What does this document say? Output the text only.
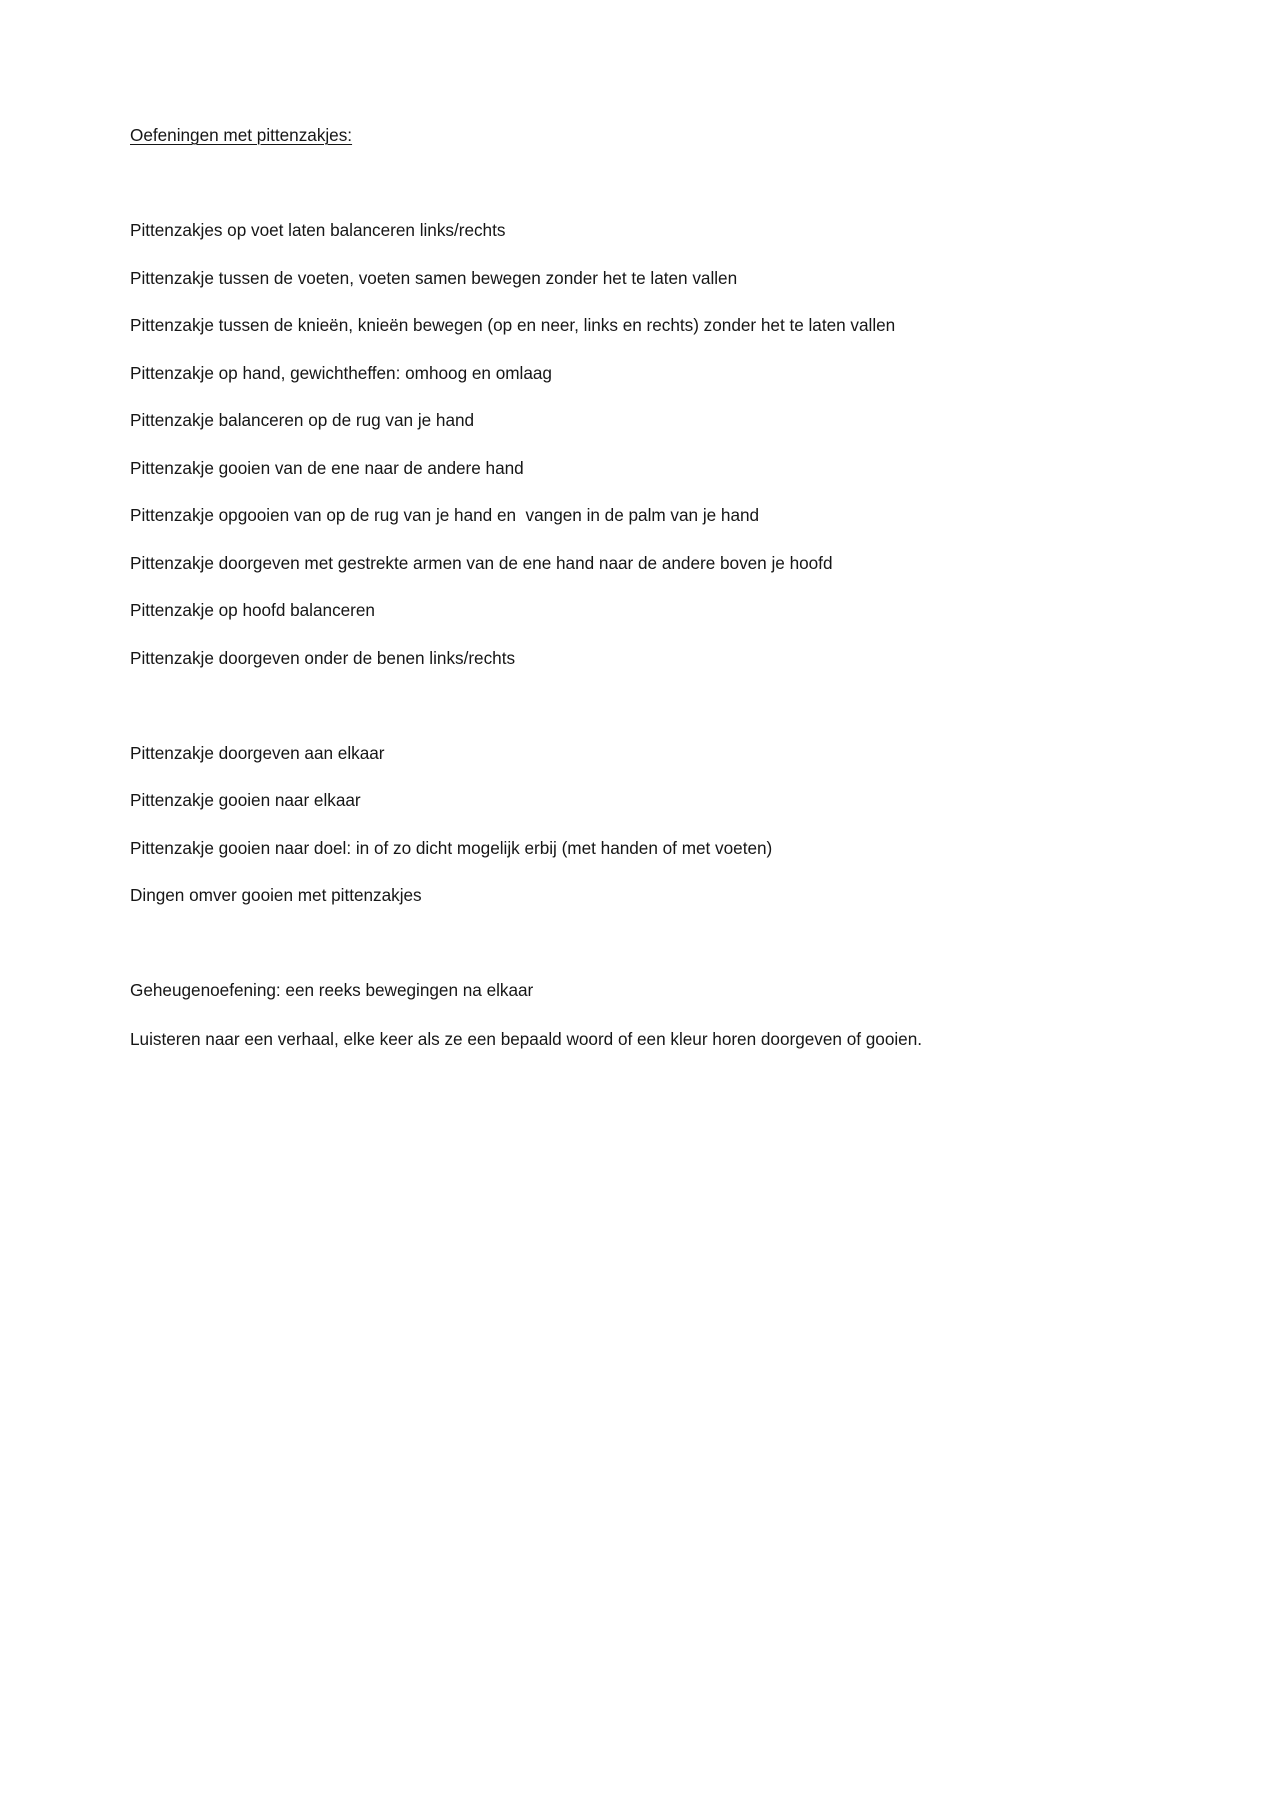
Oefeningen met pittenzakjes:

Pittenzakjes op voet laten balanceren links/rechts

Pittenzakje tussen de voeten, voeten samen bewegen zonder het te laten vallen

Pittenzakje tussen de knieën, knieën bewegen (op en neer, links en rechts) zonder het te laten vallen

Pittenzakje op hand, gewichtheffen: omhoog en omlaag

Pittenzakje balanceren op de rug van je hand

Pittenzakje gooien van de ene naar de andere hand

Pittenzakje opgooien van op de rug van je hand en  vangen in de palm van je hand

Pittenzakje doorgeven met gestrekte armen van de ene hand naar de andere boven je hoofd

Pittenzakje op hoofd balanceren

Pittenzakje doorgeven onder de benen links/rechts

Pittenzakje doorgeven aan elkaar

Pittenzakje gooien naar elkaar

Pittenzakje gooien naar doel: in of zo dicht mogelijk erbij (met handen of met voeten)

Dingen omver gooien met pittenzakjes

Geheugenoefening: een reeks bewegingen na elkaar

Luisteren naar een verhaal, elke keer als ze een bepaald woord of een kleur horen doorgeven of gooien.
